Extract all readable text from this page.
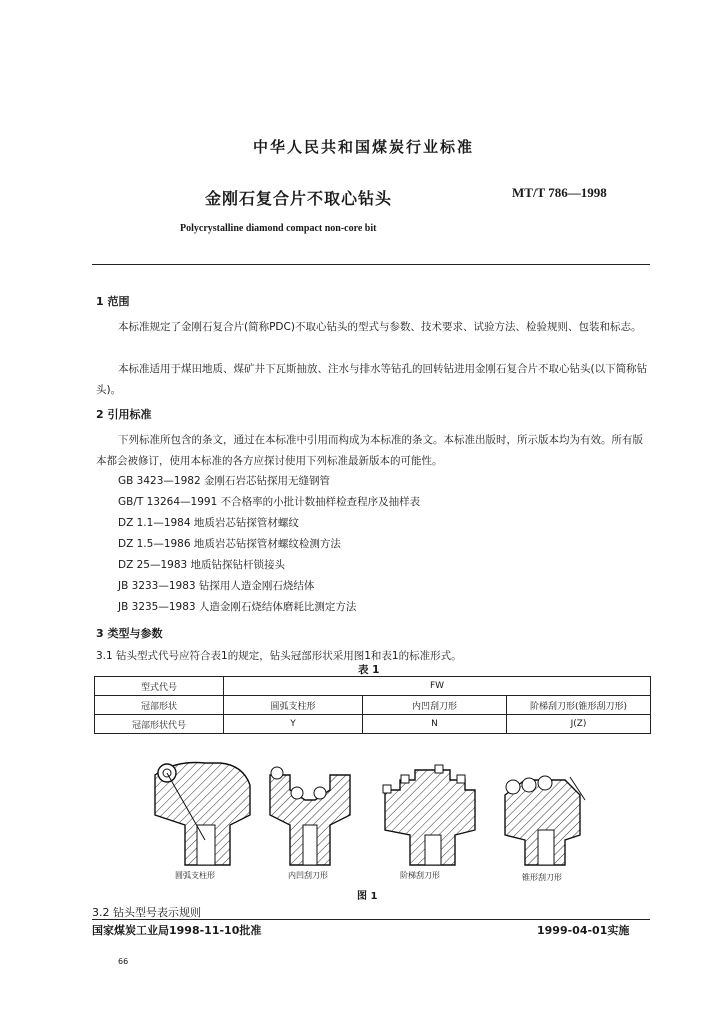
中华人民共和国煤炭行业标准
金刚石复合片不取心钻头	MT/T 786—1998
Polycrystalline diamond compact non-core bit
1 范围
本标准规定了金刚石复合片(简称PDC)不取心钻头的型式与参数、技术要求、试验方法、检验规则、包装和标志。
本标准适用于煤田地质、煤矿井下瓦斯抽放、注水与排水等钻孔的回转钻进用金刚石复合片不取心钻头(以下简称钻头)。
2 引用标准
下列标准所包含的条文，通过在本标准中引用而构成为本标准的条文。本标准出版时，所示版本均为有效。所有版本都会被修订，使用本标准的各方应探讨使用下列标准最新版本的可能性。
GB 3423—1982 金刚石岩芯钻探用无缝钢管
GB/T 13264—1991 不合格率的小批计数抽样检查程序及抽样表
DZ 1.1—1984 地质岩芯钻探管材螺纹
DZ 1.5—1986 地质岩芯钻探管材螺纹检测方法
DZ 25—1983 地质钻探钻杆锁接头
JB 3233—1983 钻探用人造金刚石烧结体
JB 3235—1983 人造金刚石烧结体磨耗比测定方法
3 类型与参数
3.1 钻头型式代号应符合表1的规定，钻头冠部形状采用图1和表1的标准形式。
表 1
型式代号	FW		
冠部形状	圆弧支柱形	内凹刮刀形	阶梯刮刀形(锥形刮刀形)
冠部形状代号	Y	N	J(Z)
圆弧支柱形	内凹刮刀形	阶梯刮刀形	锥形刮刀形
图 1
3.2 钻头型号表示规则
国家煤炭工业局1998-11-10批准	1999-04-01实施
66
